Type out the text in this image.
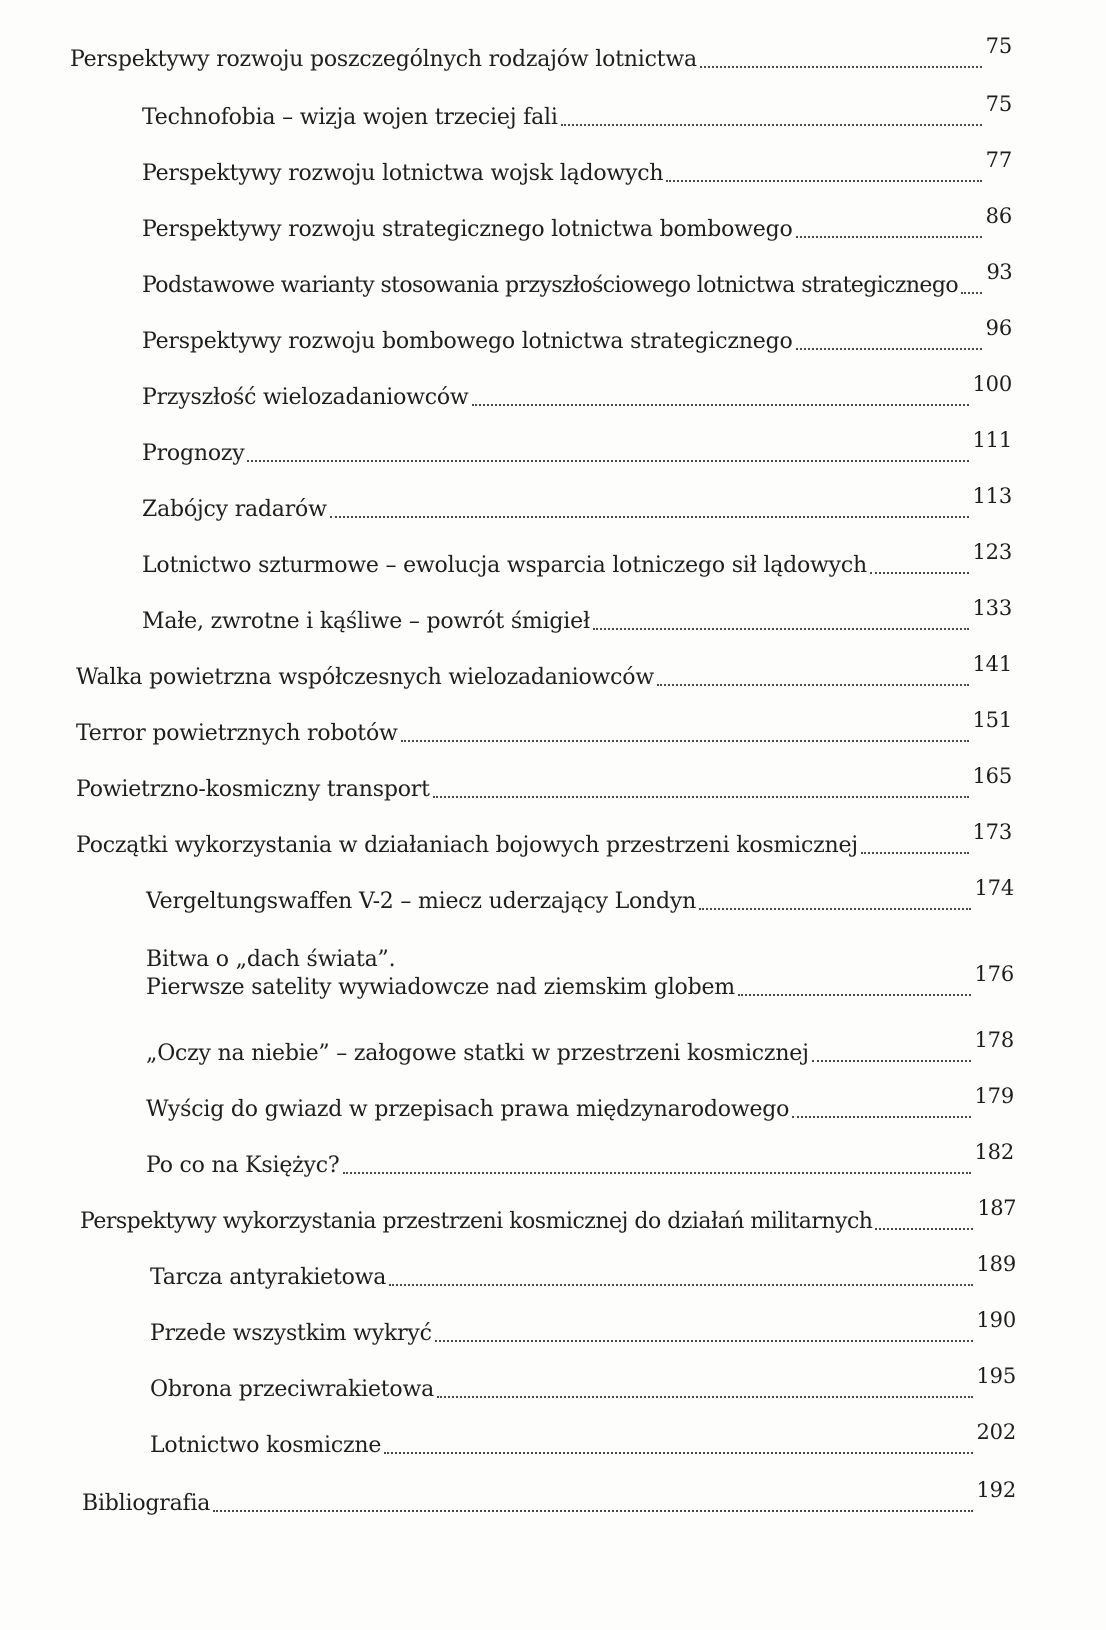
Perspektywy rozwoju poszczególnych rodzajów lotnictwa
75
Technofobia – wizja wojen trzeciej fali
75
Perspektywy rozwoju lotnictwa wojsk lądowych
77
Perspektywy rozwoju strategicznego lotnictwa bombowego
86
Podstawowe warianty stosowania przyszłościowego lotnictwa strategicznego
93
Perspektywy rozwoju bombowego lotnictwa strategicznego
96
Przyszłość wielozadaniowców
100
Prognozy
111
Zabójcy radarów
113
Lotnictwo szturmowe – ewolucja wsparcia lotniczego sił lądowych
123
Małe, zwrotne i kąśliwe – powrót śmigieł
133
Walka powietrzna współczesnych wielozadaniowców
141
Terror powietrznych robotów
151
Powietrzno-kosmiczny transport
165
Początki wykorzystania w działaniach bojowych przestrzeni kosmicznej
173
Vergeltungswaffen V-2 – miecz uderzający Londyn
174
Bitwa o „dach świata”.
Pierwsze satelity wywiadowcze nad ziemskim globem
176
„Oczy na niebie” – załogowe statki w przestrzeni kosmicznej
178
Wyścig do gwiazd w przepisach prawa międzynarodowego
179
Po co na Księżyc?
182
Perspektywy wykorzystania przestrzeni kosmicznej do działań militarnych
187
Tarcza antyrakietowa
189
Przede wszystkim wykryć
190
Obrona przeciwrakietowa
195
Lotnictwo kosmiczne
202
Bibliografia
192
